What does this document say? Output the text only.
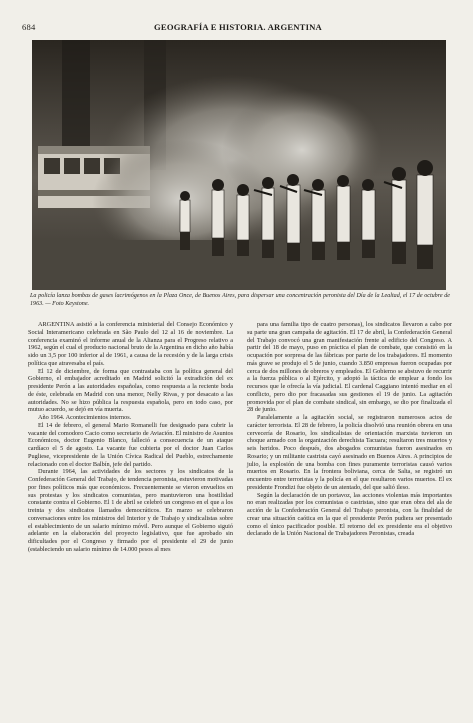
684	GEOGRAFÍA E HISTORIA. ARGENTINA
La policía lanza bombas de gases lacrimógenos en la Plaza Once, de Buenos Aires, para dispersar una concentración peronista del Día de la Lealtad, el 17 de octubre de 1963. — Foto Keystone.

ARGENTINA asistió a la conferencia ministerial del Consejo Económico y Social Interamericano celebrada en São Paulo del 12 al 16 de noviembre. La conferencia examinó el informe anual de la Alianza para el Progreso relativo a 1962, según el cual el producto nacional bruto de la Argentina en dicho año había sido un 3,5 por 100 inferior al de 1961, a causa de la recesión y de la larga crisis política que atravesaba el país.

El 12 de diciembre, de forma que contrastaba con la política general del Gobierno, el embajador acreditado en Madrid solicitó la extradición del ex presidente Perón a las autoridades españolas, como respuesta a la reciente boda de éste, celebrada en Madrid con una menor, Nelly Rivas, y por desacato a las autoridades. No se hizo pública la respuesta española, pero en todo caso, por mutuo acuerdo, se dejó en vía muerta.

Año 1964. Acontecimientos internos.

El 14 de febrero, el general Mario Romanelli fue designado para cubrir la vacante del comodoro Cacio como secretario de Aviación. El ministro de Asuntos Económicos, doctor Eugenio Blanco, falleció a consecuencia de un ataque cardíaco el 5 de agosto. La vacante fue cubierta por el doctor Juan Carlos Pugliese, vicepresidente de la Unión Cívica Radical del Pueblo, estrechamente relacionado con el doctor Balbín, jefe del partido.

Durante 1964, las actividades de los sectores y los sindicatos de la Confederación General del Trabajo, de tendencia peronista, estuvieron motivadas por fines políticos más que económicos. Frecuentemente se vieron envueltos en sus protestas y los sindicatos comunistas, pero mantuvieron una hostilidad constante contra el Gobierno. El 1 de abril se celebró un congreso en el que a los treinta y dos sindicatos llamados democráticos. En marzo se celebraron conversaciones entre los ministros del Interior y de Trabajo y sindicalistas sobre el establecimiento de un salario mínimo móvil. Pero aunque el Gobierno siguió adelante en la elaboración del proyecto legislativo, que fue aprobado sin dificultades por el Congreso y firmado por el presidente el 29 de junio (estableciendo un salario mínimo de 14.000 pesos al mes

para una familia tipo de cuatro personas), los sindicatos llevaron a cabo por su parte una gran campaña de agitación. El 17 de abril, la Confederación General del Trabajo convocó una gran manifestación frente al edificio del Congreso. A partir del 18 de mayo, puso en práctica el plan de combate, que consistió en la ocupación por sorpresa de las fábricas por parte de los trabajadores. El momento más grave se produjo el 5 de junio, cuando 3.850 empresas fueron ocupadas por cerca de dos millones de obreros y empleados. El Gobierno se abstuvo de recurrir a la fuerza pública o al Ejército, y adoptó la táctica de emplear a fondo los recursos que le ofrecía la vía judicial. El cardenal Caggiano intentó mediar en el conflicto, pero dio por fracasadas sus gestiones el 19 de junio. La agitación promovida por el plan de combate sindical, sin embargo, se dio por finalizada el 28 de junio.

Paralelamente a la agitación social, se registraron numerosos actos de carácter terrorista. El 28 de febrero, la policía disolvió una reunión obrera en una cervecería de Rosario, los sindicalistas de orientación marxista tuvieron un choque armado con la organización derechista Tacuara; resultaron tres muertos y seis heridos. Poco después, dos abogados comunistas fueron asesinados en Rosario; y un militante castrista cayó asesinado en Buenos Aires. A principios de julio, la explosión de una bomba con fines puramente terroristas causó varios muertos en Rosario. En la frontera boliviana, cerca de Salta, se registró un encuentro entre terroristas y la policía en el que resultaron varios muertos. El ex presidente Frondizi fue objeto de un atentado, del que salió ileso.

Según la declaración de un portavoz, las acciones violentas más importantes no eran realizadas por los comunistas o castristas, sino que eran obra del ala de acción de la Confederación General del Trabajo peronista, con la finalidad de crear una situación caótica en la que el presidente Perón pudiera ser presentado como el único pacificador posible. El retorno del ex presidente era el objetivo declarado de la Unión Nacional de Trabajadores Peronistas, creada
